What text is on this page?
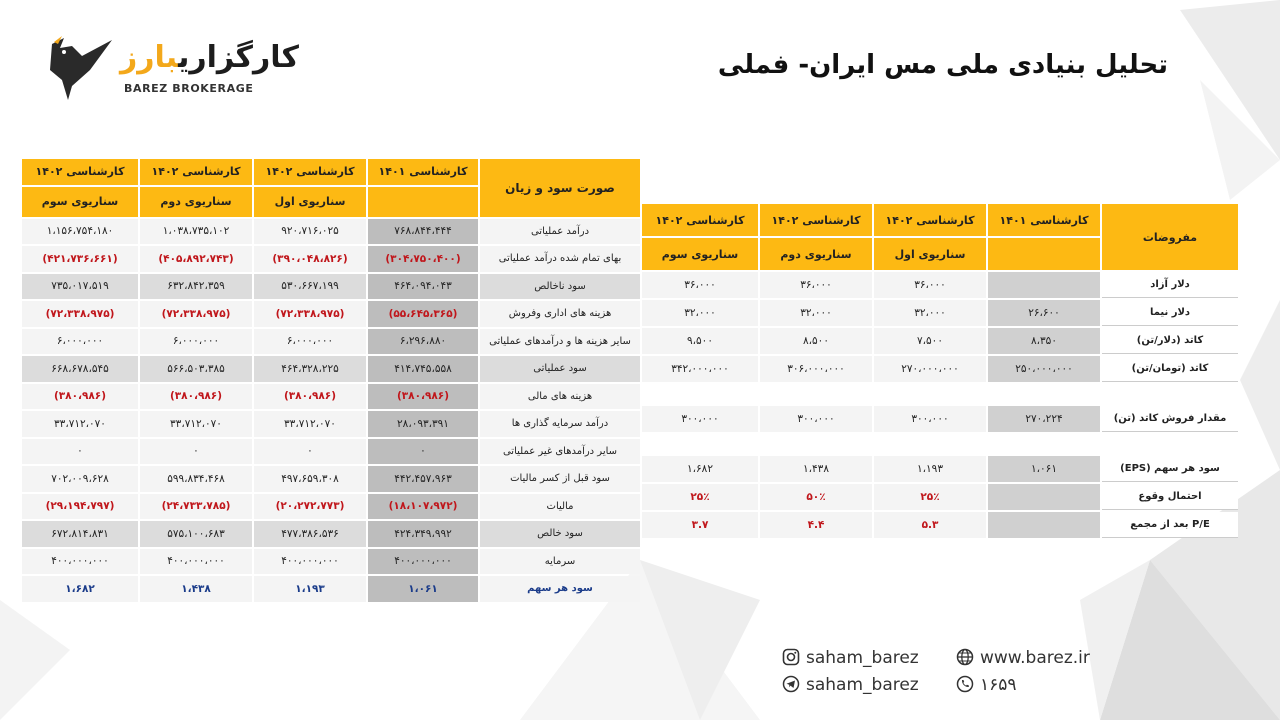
کارگزاریبارز
BAREZ BROKERAGE
تحلیل بنیادی ملی مس ایران- فملی
صورت سود و زیان	کارشناسی ۱۴۰۱	کارشناسی ۱۴۰۲	کارشناسی ۱۴۰۲	کارشناسی ۱۴۰۲
		سناریوی اول	سناریوی دوم	سناریوی سوم
درآمد عملیاتی	۷۶۸،۸۴۴،۴۴۴	۹۲۰،۷۱۶،۰۲۵	۱،۰۳۸،۷۳۵،۱۰۲	۱،۱۵۶،۷۵۴،۱۸۰
بهای تمام شده درآمد عملیاتی	(۳۰۴،۷۵۰،۴۰۰)	(۳۹۰،۰۴۸،۸۲۶)	(۴۰۵،۸۹۲،۷۴۳)	(۴۲۱،۷۳۶،۶۶۱)
سود ناخالص	۴۶۴،۰۹۴،۰۴۳	۵۳۰،۶۶۷،۱۹۹	۶۳۲،۸۴۲،۳۵۹	۷۳۵،۰۱۷،۵۱۹
هزینه های اداری وفروش	(۵۵،۶۴۵،۳۶۵)	(۷۲،۳۳۸،۹۷۵)	(۷۲،۳۳۸،۹۷۵)	(۷۲،۳۳۸،۹۷۵)
سایر هزینه ها و درآمدهای عملیاتی	۶،۲۹۶،۸۸۰	۶،۰۰۰،۰۰۰	۶،۰۰۰،۰۰۰	۶،۰۰۰،۰۰۰
سود عملیاتی	۴۱۴،۷۴۵،۵۵۸	۴۶۴،۳۲۸،۲۲۵	۵۶۶،۵۰۳،۳۸۵	۶۶۸،۶۷۸،۵۴۵
هزینه های مالی	(۳۸۰،۹۸۶)	(۳۸۰،۹۸۶)	(۳۸۰،۹۸۶)	(۳۸۰،۹۸۶)
درآمد سرمایه گذاری ها	۲۸،۰۹۳،۳۹۱	۳۳،۷۱۲،۰۷۰	۳۳،۷۱۲،۰۷۰	۳۳،۷۱۲،۰۷۰
سایر درآمدهای غیر عملیاتی	۰	۰	۰	۰
سود قبل از کسر مالیات	۴۴۲،۴۵۷،۹۶۳	۴۹۷،۶۵۹،۳۰۸	۵۹۹،۸۳۴،۴۶۸	۷۰۲،۰۰۹،۶۲۸
مالیات	(۱۸،۱۰۷،۹۷۲)	(۲۰،۲۷۲،۷۷۳)	(۲۴،۷۳۳،۷۸۵)	(۲۹،۱۹۴،۷۹۷)
سود خالص	۴۲۴،۳۴۹،۹۹۲	۴۷۷،۳۸۶،۵۳۶	۵۷۵،۱۰۰،۶۸۳	۶۷۲،۸۱۴،۸۳۱
سرمایه	۴۰۰،۰۰۰،۰۰۰	۴۰۰،۰۰۰،۰۰۰	۴۰۰،۰۰۰،۰۰۰	۴۰۰،۰۰۰،۰۰۰
سود هر سهم	۱،۰۶۱	۱،۱۹۳	۱،۴۳۸	۱،۶۸۲
مفروضات	کارشناسی ۱۴۰۱	کارشناسی ۱۴۰۲	کارشناسی ۱۴۰۲	کارشناسی ۱۴۰۲
		سناریوی اول	سناریوی دوم	سناریوی سوم
دلار آزاد		۳۶،۰۰۰	۳۶،۰۰۰	۳۶،۰۰۰
دلار نیما	۲۶،۶۰۰	۳۲،۰۰۰	۳۲،۰۰۰	۳۲،۰۰۰
کاتد (دلار/تن)	۸،۳۵۰	۷،۵۰۰	۸،۵۰۰	۹،۵۰۰
کاتد (تومان/تن)	۲۵۰،۰۰۰،۰۰۰	۲۷۰،۰۰۰،۰۰۰	۳۰۶،۰۰۰،۰۰۰	۳۴۲،۰۰۰،۰۰۰

مقدار فروش کاتد (تن)	۲۷۰،۲۲۴	۳۰۰،۰۰۰	۳۰۰،۰۰۰	۳۰۰،۰۰۰

سود هر سهم (EPS)	۱،۰۶۱	۱،۱۹۳	۱،۴۳۸	۱،۶۸۲
احتمال وقوع		۲۵٪	۵۰٪	۲۵٪
P/E بعد از مجمع		۵.۳	۴.۴	۳.۷
saham_barez	www.barez.ir
saham_barez	۱۶۵۹
